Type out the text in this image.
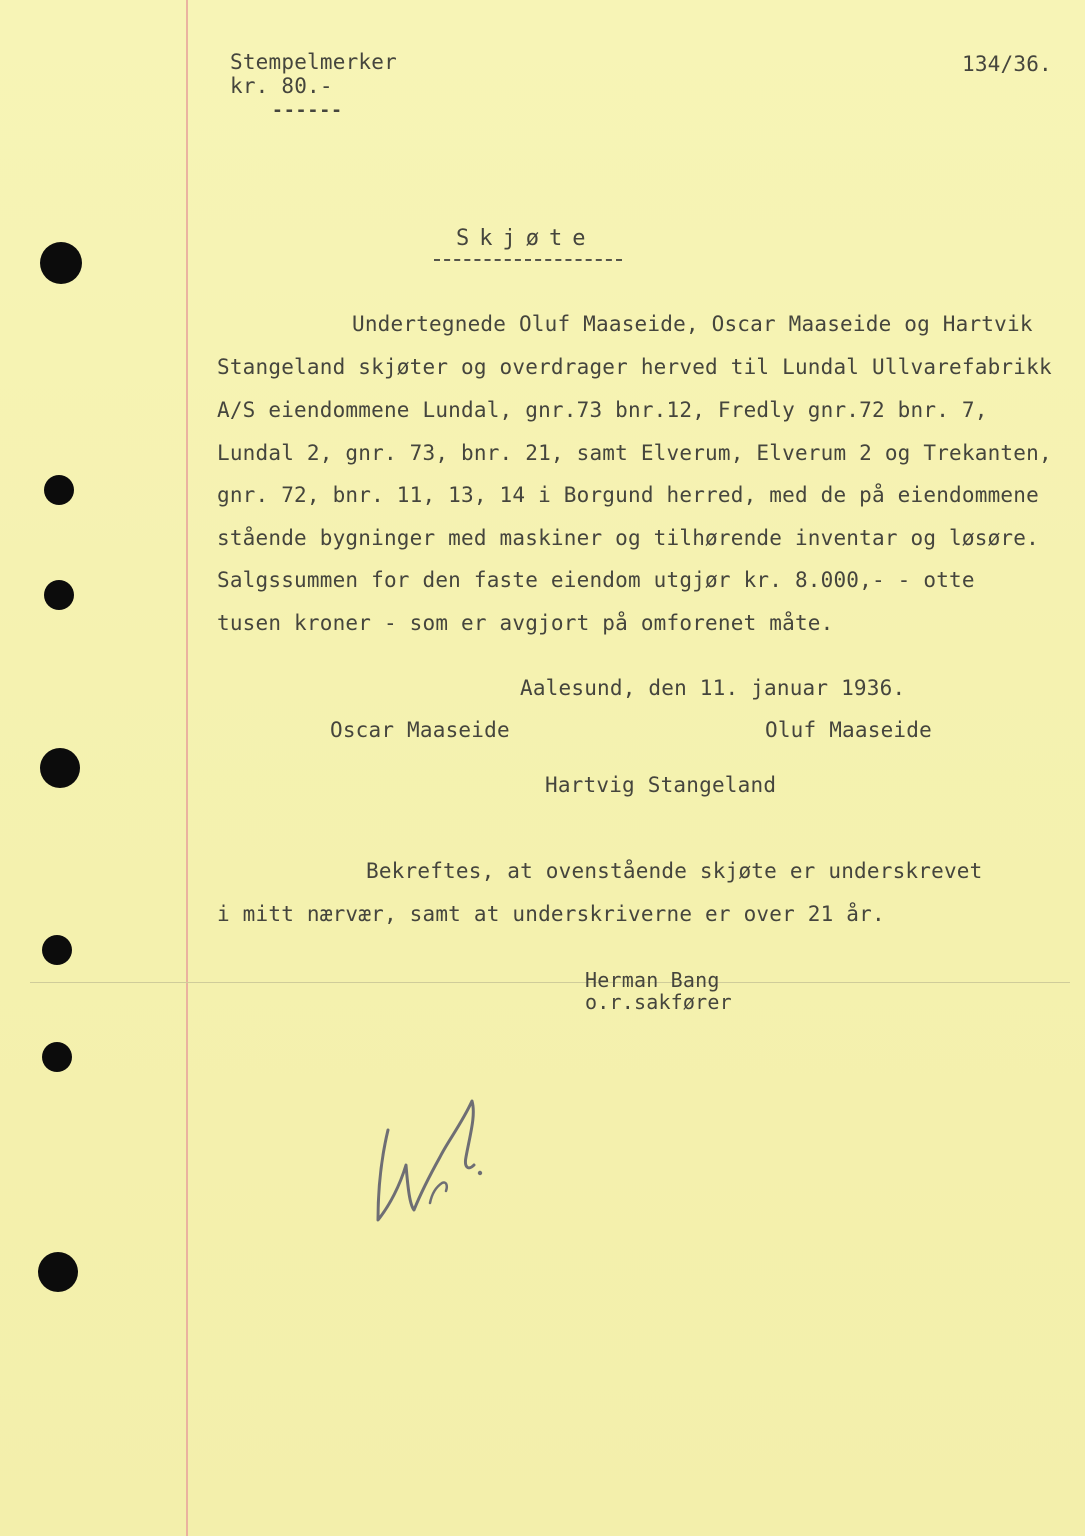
Stempelmerker
kr. 80.-
------
134/36.
Skjøte
Undertegnede Oluf Maaseide, Oscar Maaseide og Hartvik
Stangeland skjøter og overdrager herved til Lundal Ullvarefabrikk
A/S eiendommene Lundal, gnr.73 bnr.12, Fredly gnr.72 bnr. 7,
Lundal 2, gnr. 73, bnr. 21, samt Elverum, Elverum 2 og Trekanten,
gnr. 72, bnr. 11, 13, 14 i Borgund herred, med de på eiendommene
stående bygninger med maskiner og tilhørende inventar og løsøre.
Salgssummen for den faste eiendom utgjør kr. 8.000,- - otte
tusen kroner - som er avgjort på omforenet måte.
Aalesund, den 11. januar 1936.
Oscar Maaseide	Oluf Maaseide
Hartvig Stangeland
Bekreftes, at ovenstående skjøte er underskrevet
i mitt nærvær, samt at underskriverne er over 21 år.
Herman Bang
o.r.sakfører
